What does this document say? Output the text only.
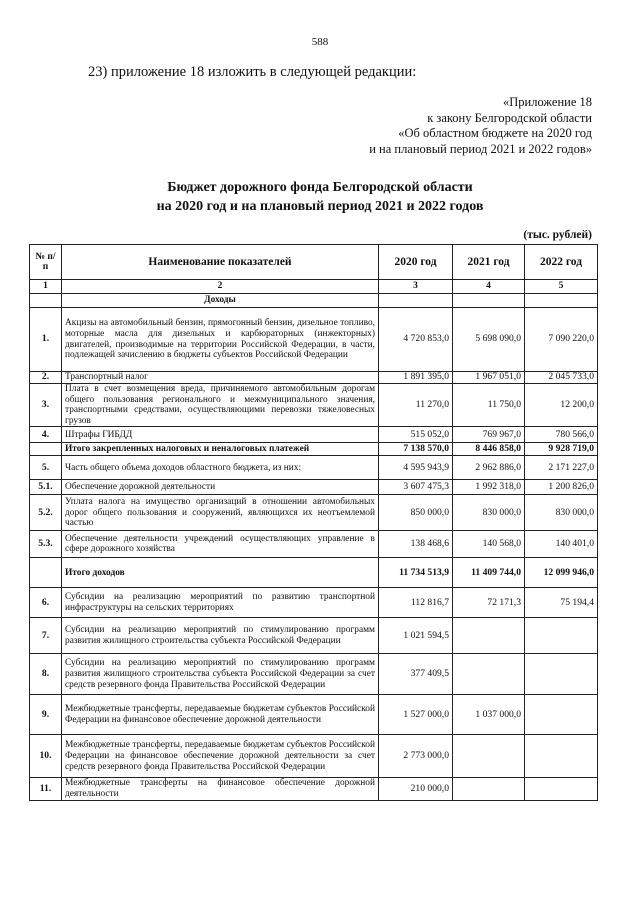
588
23) приложение 18 изложить в следующей редакции:
«Приложение 18
к закону Белгородской области
«Об областном бюджете на 2020 год
и на плановый период 2021 и 2022 годов»
Бюджет дорожного фонда Белгородской области
на 2020 год и на плановый период 2021 и 2022 годов
(тыс. рублей)
№ п/п	Наименование показателей	2020 год	2021 год	2022 год
1	2	3	4	5
	Доходы			
1.	Акцизы на автомобильный бензин, прямогонный бензин, дизельное топливо, моторные масла для дизельных и карбюраторных (инжекторных) двигателей, производимые на территории Российской Федерации, в части, подлежащей зачислению в бюджеты субъектов Российской Федерации	4 720 853,0	5 698 090,0	7 090 220,0
2.	Транспортный налог	1 891 395,0	1 967 051,0	2 045 733,0
3.	Плата в счет возмещения вреда, причиняемого автомобильным дорогам общего пользования регионального и межмуниципального значения, транспортными средствами, осуществляющими перевозки тяжеловесных грузов	11 270,0	11 750,0	12 200,0
4.	Штрафы ГИБДД	515 052,0	769 967,0	780 566,0
	Итого закрепленных налоговых и неналоговых платежей	7 138 570,0	8 446 858,0	9 928 719,0
5.	Часть общего объема доходов областного бюджета, из них:	4 595 943,9	2 962 886,0	2 171 227,0
5.1.	Обеспечение дорожной деятельности	3 607 475,3	1 992 318,0	1 200 826,0
5.2.	Уплата налога на имущество организаций в отношении автомобильных дорог общего пользования и сооружений, являющихся их неотъемлемой частью	850 000,0	830 000,0	830 000,0
5.3.	Обеспечение деятельности учреждений осуществляющих управление в сфере дорожного хозяйства	138 468,6	140 568,0	140 401,0
	Итого доходов	11 734 513,9	11 409 744,0	12 099 946,0
6.	Субсидии на реализацию мероприятий по развитию транспортной инфраструктуры на сельских территориях	112 816,7	72 171,3	75 194,4
7.	Субсидии на реализацию мероприятий по стимулированию программ развития жилищного строительства субъекта Российской Федерации	1 021 594,5		
8.	Субсидии на реализацию мероприятий по стимулированию программ развития жилищного строительства субъекта Российской Федерации за счет средств резервного фонда Правительства Российской Федерации	377 409,5		
9.	Межбюджетные трансферты, передаваемые бюджетам субъектов Российской Федерации на финансовое обеспечение дорожной деятельности	1 527 000,0	1 037 000,0	
10.	Межбюджетные трансферты, передаваемые бюджетам субъектов Российской Федерации на финансовое обеспечение дорожной деятельности за счет средств резервного фонда Правительства Российской Федерации	2 773 000,0		
11.	Межбюджетные трансферты на финансовое обеспечение дорожной деятельности	210 000,0		
